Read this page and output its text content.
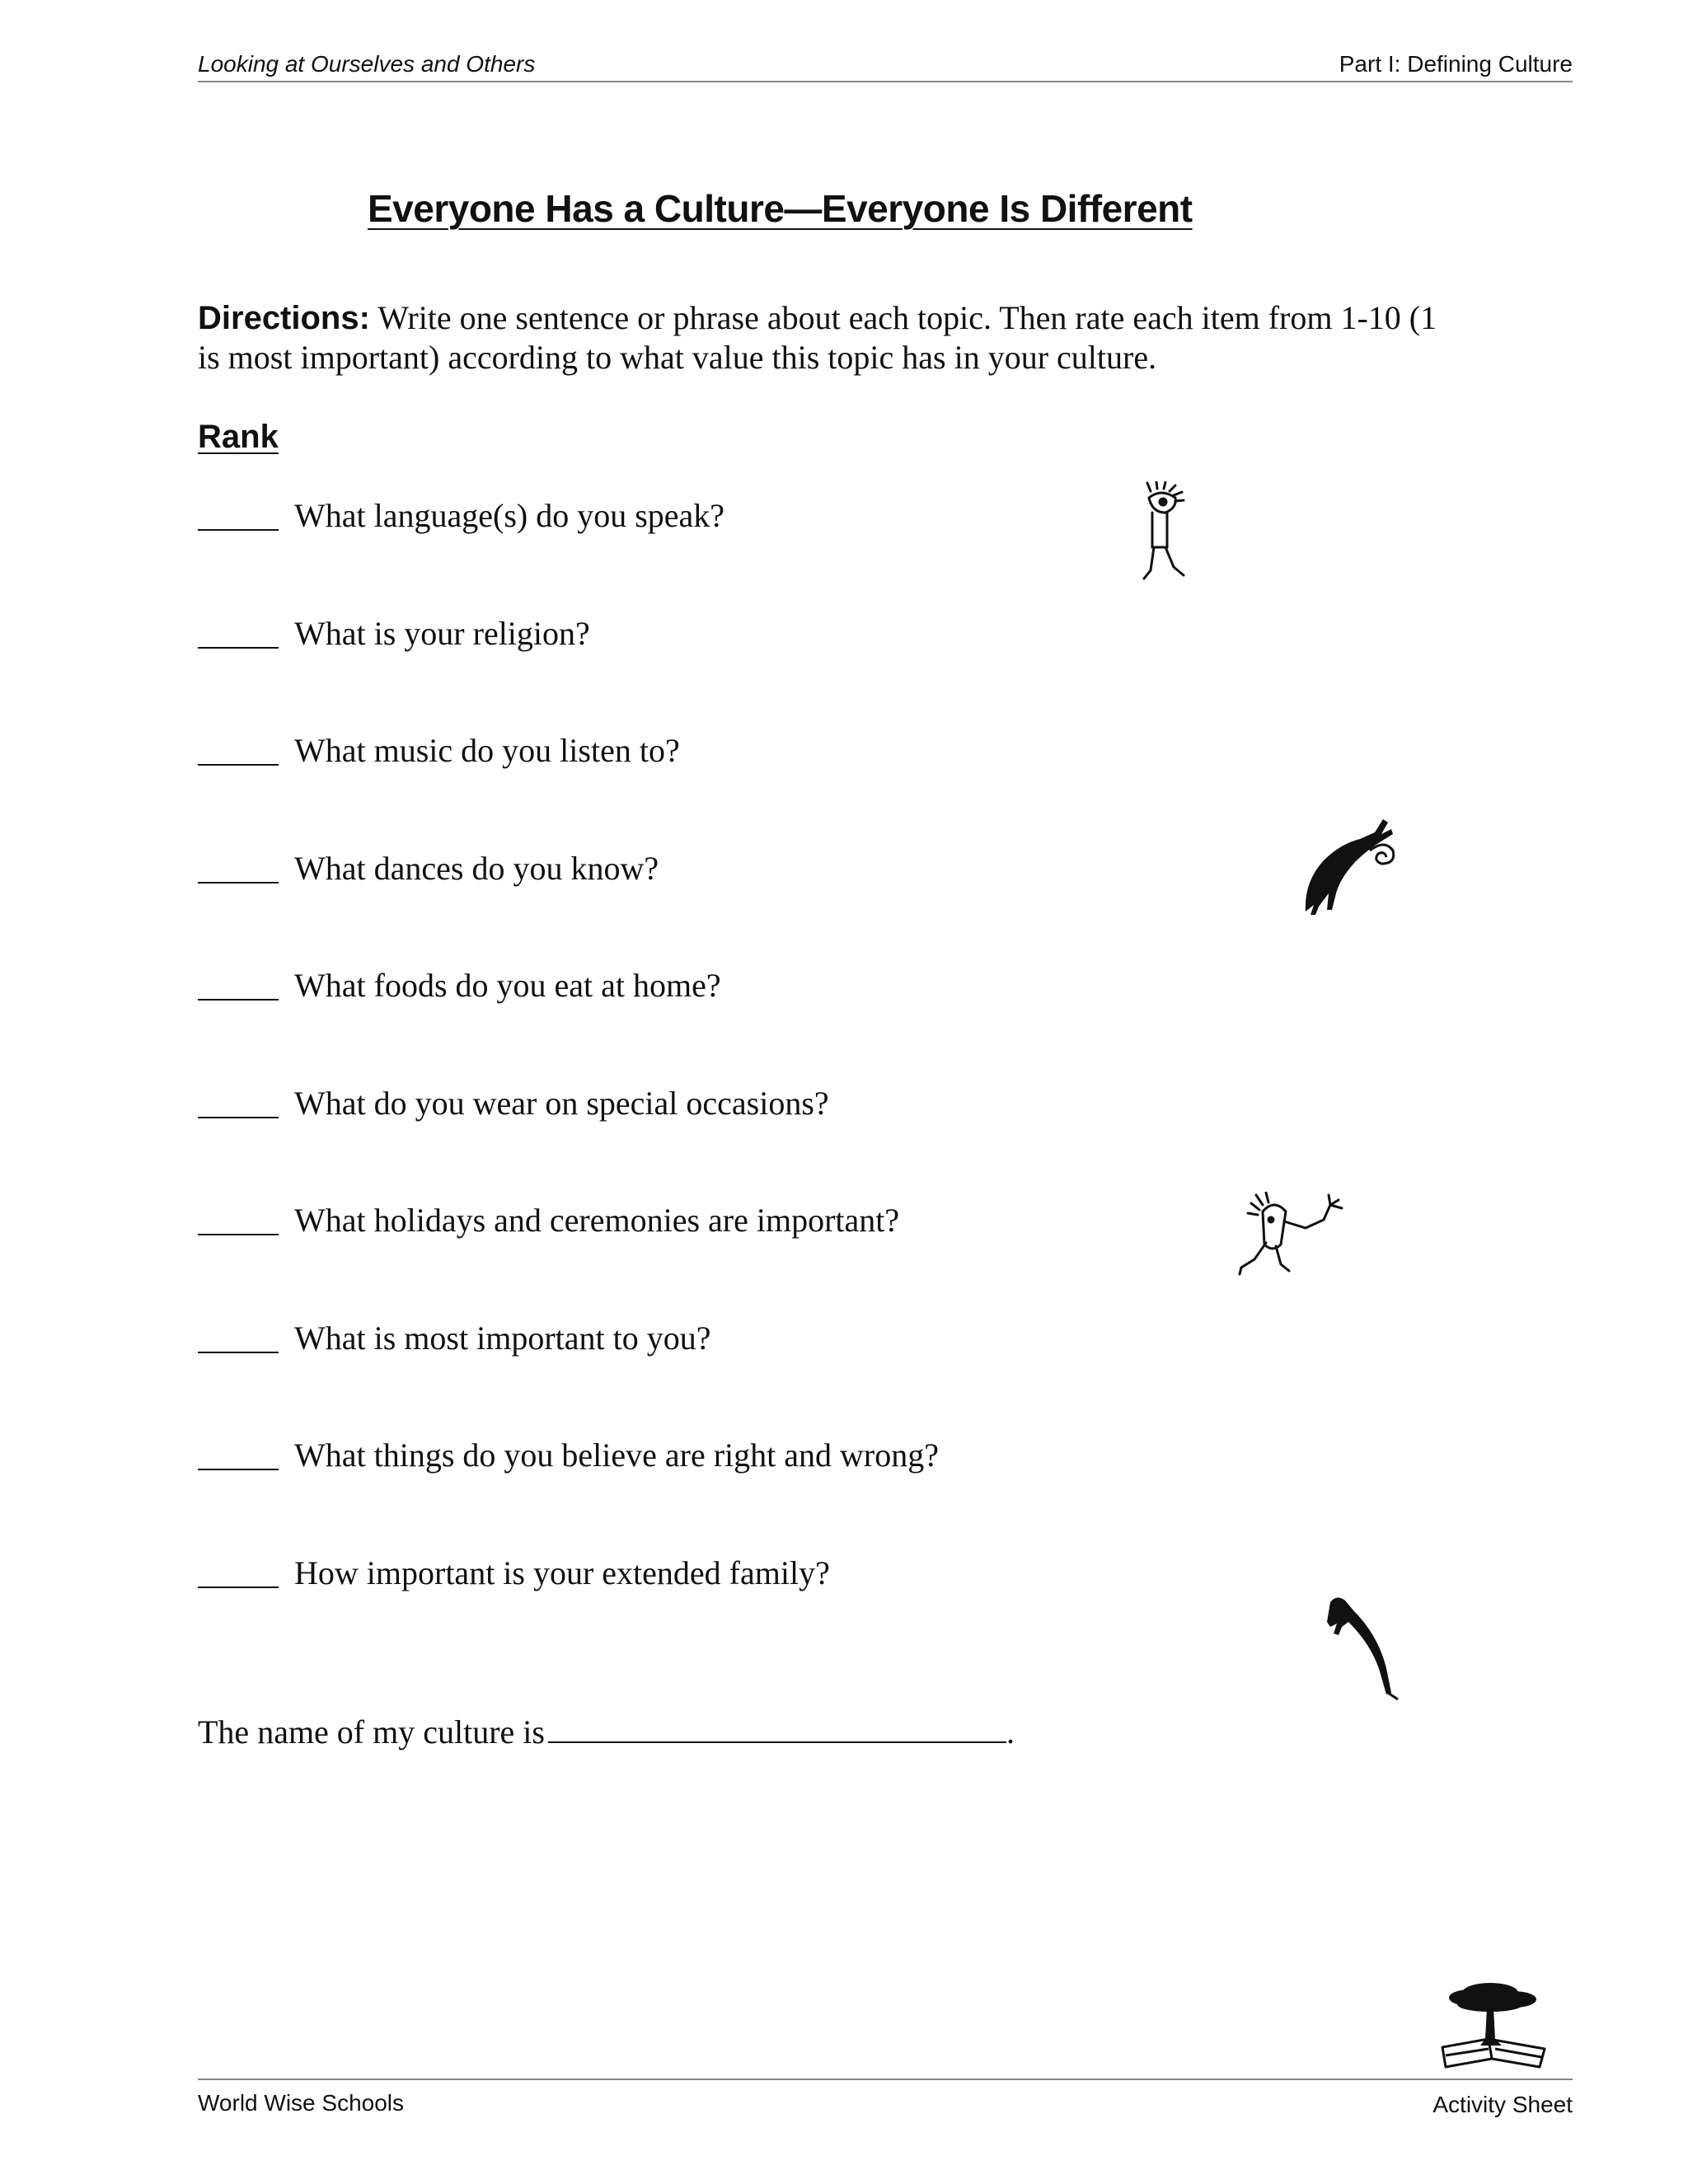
Looking at Ourselves and Others	Part I: Defining Culture
Everyone Has a Culture—Everyone Is Different
Directions: Write one sentence or phrase about each topic. Then rate each item from 1-10 (1 is most important) according to what value this topic has in your culture.
Rank
What language(s) do you speak?
What is your religion?
What music do you listen to?
What dances do you know?
What foods do you eat at home?
What do you wear on special occasions?
What holidays and ceremonies are important?
What is most important to you?
What things do you believe are right and wrong?
How important is your extended family?
The name of my culture is	.
World Wise Schools	Activity Sheet
